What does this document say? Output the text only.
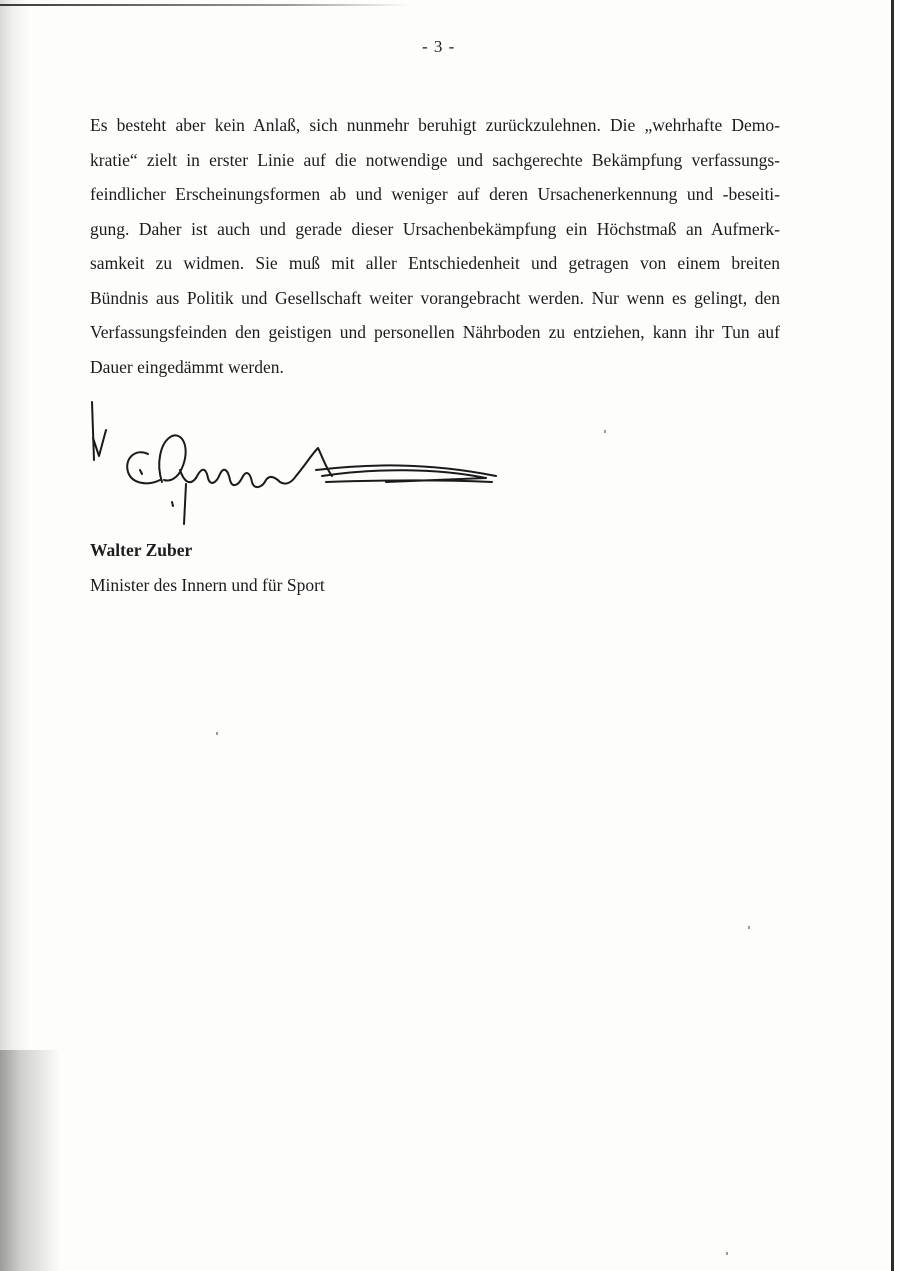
- 3 -
Es besteht aber kein Anlaß, sich nunmehr beruhigt zurückzulehnen. Die „wehrhafte Demo-
kratie“ zielt in erster Linie auf die notwendige und sachgerechte Bekämpfung verfassungs-
feindlicher Erscheinungsformen ab und weniger auf deren Ursachenerkennung und -beseiti-
gung. Daher ist auch und gerade dieser Ursachenbekämpfung ein Höchstmaß an Aufmerk-
samkeit zu widmen. Sie muß mit aller Entschiedenheit und getragen von einem breiten
Bündnis aus Politik und Gesellschaft weiter vorangebracht werden. Nur wenn es gelingt, den
Verfassungsfeinden den geistigen und personellen Nährboden zu entziehen, kann ihr Tun auf
Dauer eingedämmt werden.
Walter Zuber
Minister des Innern und für Sport
